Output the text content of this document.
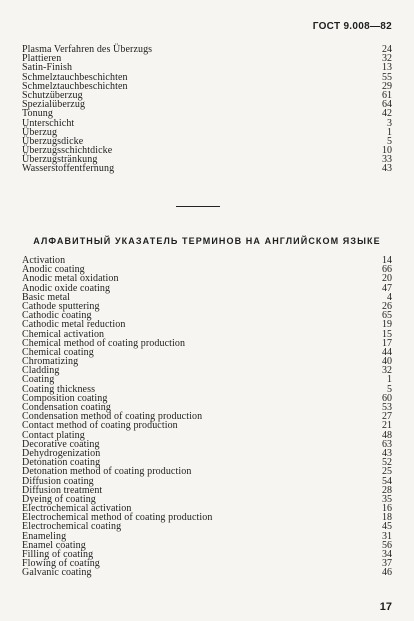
ГОСТ 9.008—82
Plasma Verfahren des Überzugs	24
Plattieren	32
Satin-Finish	13
Schmelztauchbeschichten	55
Schmelztauchbeschichten	29
Schutzüberzug	61
Spezialüberzug	64
Tonung	42
Unterschicht	3
Überzug	1
Überzugsdicke	5
Überzugsschichtdicke	10
Überzugstränkung	33
Wasserstoffentfernung	43
АЛФАВИТНЫЙ УКАЗАТЕЛЬ ТЕРМИНОВ НА АНГЛИЙСКОМ ЯЗЫКЕ
Activation	14
Anodic coating	66
Anodic metal oxidation	20
Anodic oxide coating	47
Basic metal	4
Cathode sputtering	26
Cathodic coating	65
Cathodic metal reduction	19
Chemical activation	15
Chemical method of coating production	17
Chemical coating	44
Chromatizing	40
Cladding	32
Coating	1
Coating thickness	5
Composition coating	60
Condensation coating	53
Condensation method of coating production	27
Contact method of coating production	21
Contact plating	48
Decorative coating	63
Dehydrogenization	43
Detonation coating	52
Detonation method of coating production	25
Diffusion coating	54
Diffusion treatment	28
Dyeing of coating	35
Electrochemical activation	16
Electrochemical method of coating production	18
Electrochemical coating	45
Enameling	31
Enamel coating	56
Filling of coating	34
Flowing of coating	37
Galvanic coating	46
17
